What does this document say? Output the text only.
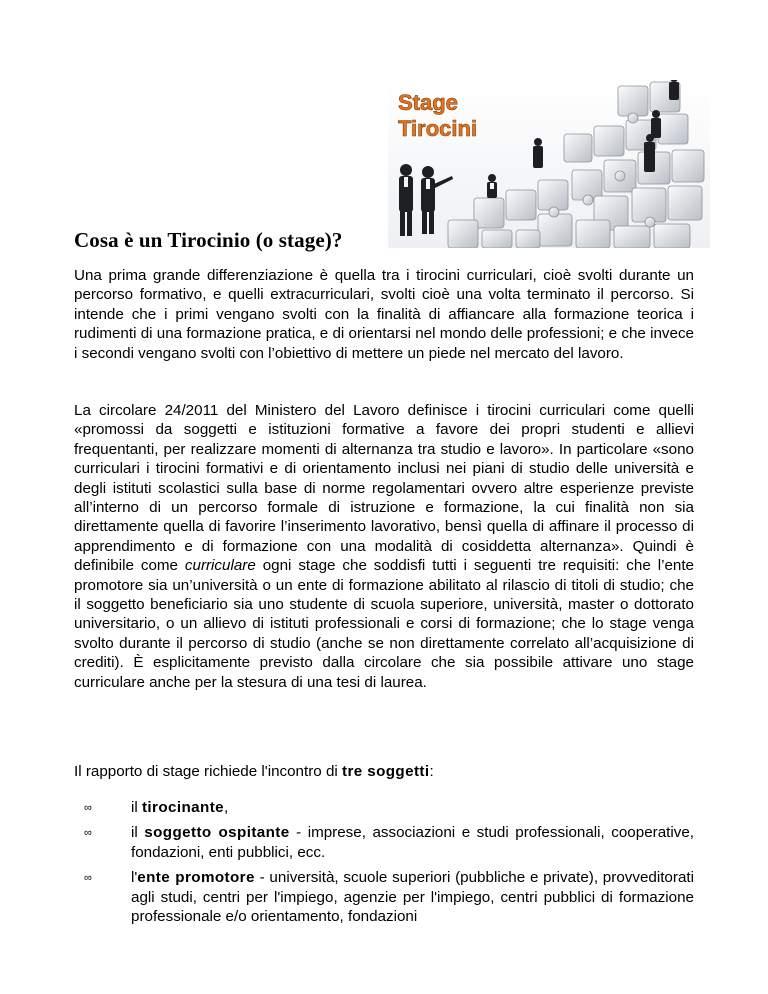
Stage
Tirocini
Cosa è un Tirocinio (o stage)?

Una prima grande differenziazione è quella tra i tirocini curriculari, cioè svolti durante un percorso formativo, e quelli extracurriculari, svolti cioè una volta terminato il percorso. Si intende che i primi vengano svolti con la finalità di affiancare alla formazione teorica i rudimenti di una formazione pratica, e di orientarsi nel mondo delle professioni; e che invece i secondi vengano svolti con l’obiettivo di mettere un piede nel mercato del lavoro.

La circolare 24/2011 del Ministero del Lavoro definisce i tirocini curriculari come quelli «promossi da soggetti e istituzioni formative a favore dei propri studenti e allievi frequentanti, per realizzare momenti di alternanza tra studio e lavoro». In particolare «sono curriculari i tirocini formativi e di orientamento inclusi nei piani di studio delle università e degli istituti scolastici sulla base di norme regolamentari ovvero altre esperienze previste all’interno di un percorso formale di istruzione e formazione, la cui finalità non sia direttamente quella di favorire l’inserimento lavorativo, bensì quella di affinare il processo di apprendimento e di formazione con una modalità di cosiddetta alternanza». Quindi è definibile come curriculare ogni stage che soddisfi tutti i seguenti tre requisiti: che l’ente promotore sia un’università o un ente di formazione abilitato al rilascio di titoli di studio; che il soggetto beneficiario sia uno studente di scuola superiore, università, master o dottorato universitario, o un allievo di istituti professionali e corsi di formazione; che lo stage venga svolto durante il percorso di studio (anche se non direttamente correlato all’acquisizione di crediti). È esplicitamente previsto dalla circolare che sia possibile attivare uno stage curriculare anche per la stesura di una tesi di laurea.

Il rapporto di stage richiede l'incontro di tre soggetti:

∞	il tirocinante,
∞	il soggetto ospitante - imprese, associazioni e studi professionali, cooperative, fondazioni, enti pubblici, ecc.
∞	l'ente promotore - università, scuole superiori (pubbliche e private), provveditorati agli studi, centri per l'impiego, agenzie per l'impiego, centri pubblici di formazione professionale e/o orientamento, fondazioni
